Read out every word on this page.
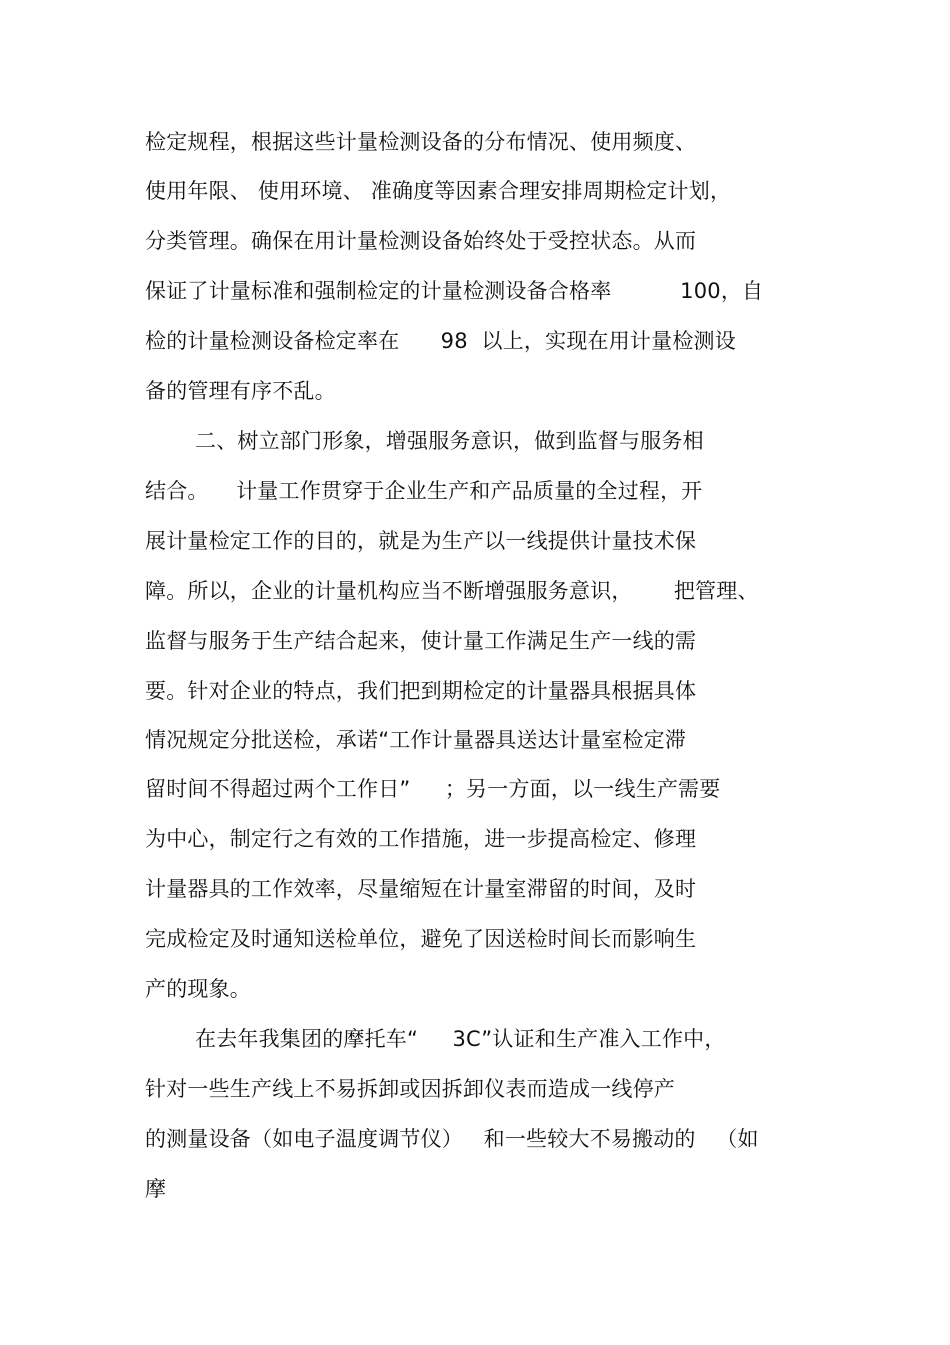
检定规程，根据这些计量检测设备的分布情况、使用频度、
使用年限、 使用环境、 准确度等因素合理安排周期检定计划，
分类管理。确保在用计量检测设备始终处于受控状态。从而
保证了计量标准和强制检定的计量检测设备合格率          100，自
检的计量检测设备检定率在      98  以上，实现在用计量检测设
备的管理有序不乱。
二、树立部门形象，增强服务意识，做到监督与服务相
结合。    计量工作贯穿于企业生产和产品质量的全过程，开
展计量检定工作的目的，就是为生产以一线提供计量技术保
障。所以，企业的计量机构应当不断增强服务意识，      把管理、
监督与服务于生产结合起来，使计量工作满足生产一线的需
要。针对企业的特点，我们把到期检定的计量器具根据具体
情况规定分批送检，承诺“工作计量器具送达计量室检定滞
留时间不得超过两个工作日”     ；另一方面，以一线生产需要
为中心，制定行之有效的工作措施，进一步提高检定、修理
计量器具的工作效率，尽量缩短在计量室滞留的时间，及时
完成检定及时通知送检单位，避免了因送检时间长而影响生
产的现象。
在去年我集团的摩托车“     3C”认证和生产准入工作中，
针对一些生产线上不易拆卸或因拆卸仪表而造成一线停产
的测量设备（如电子温度调节仪）   和一些较大不易搬动的   （如
摩
